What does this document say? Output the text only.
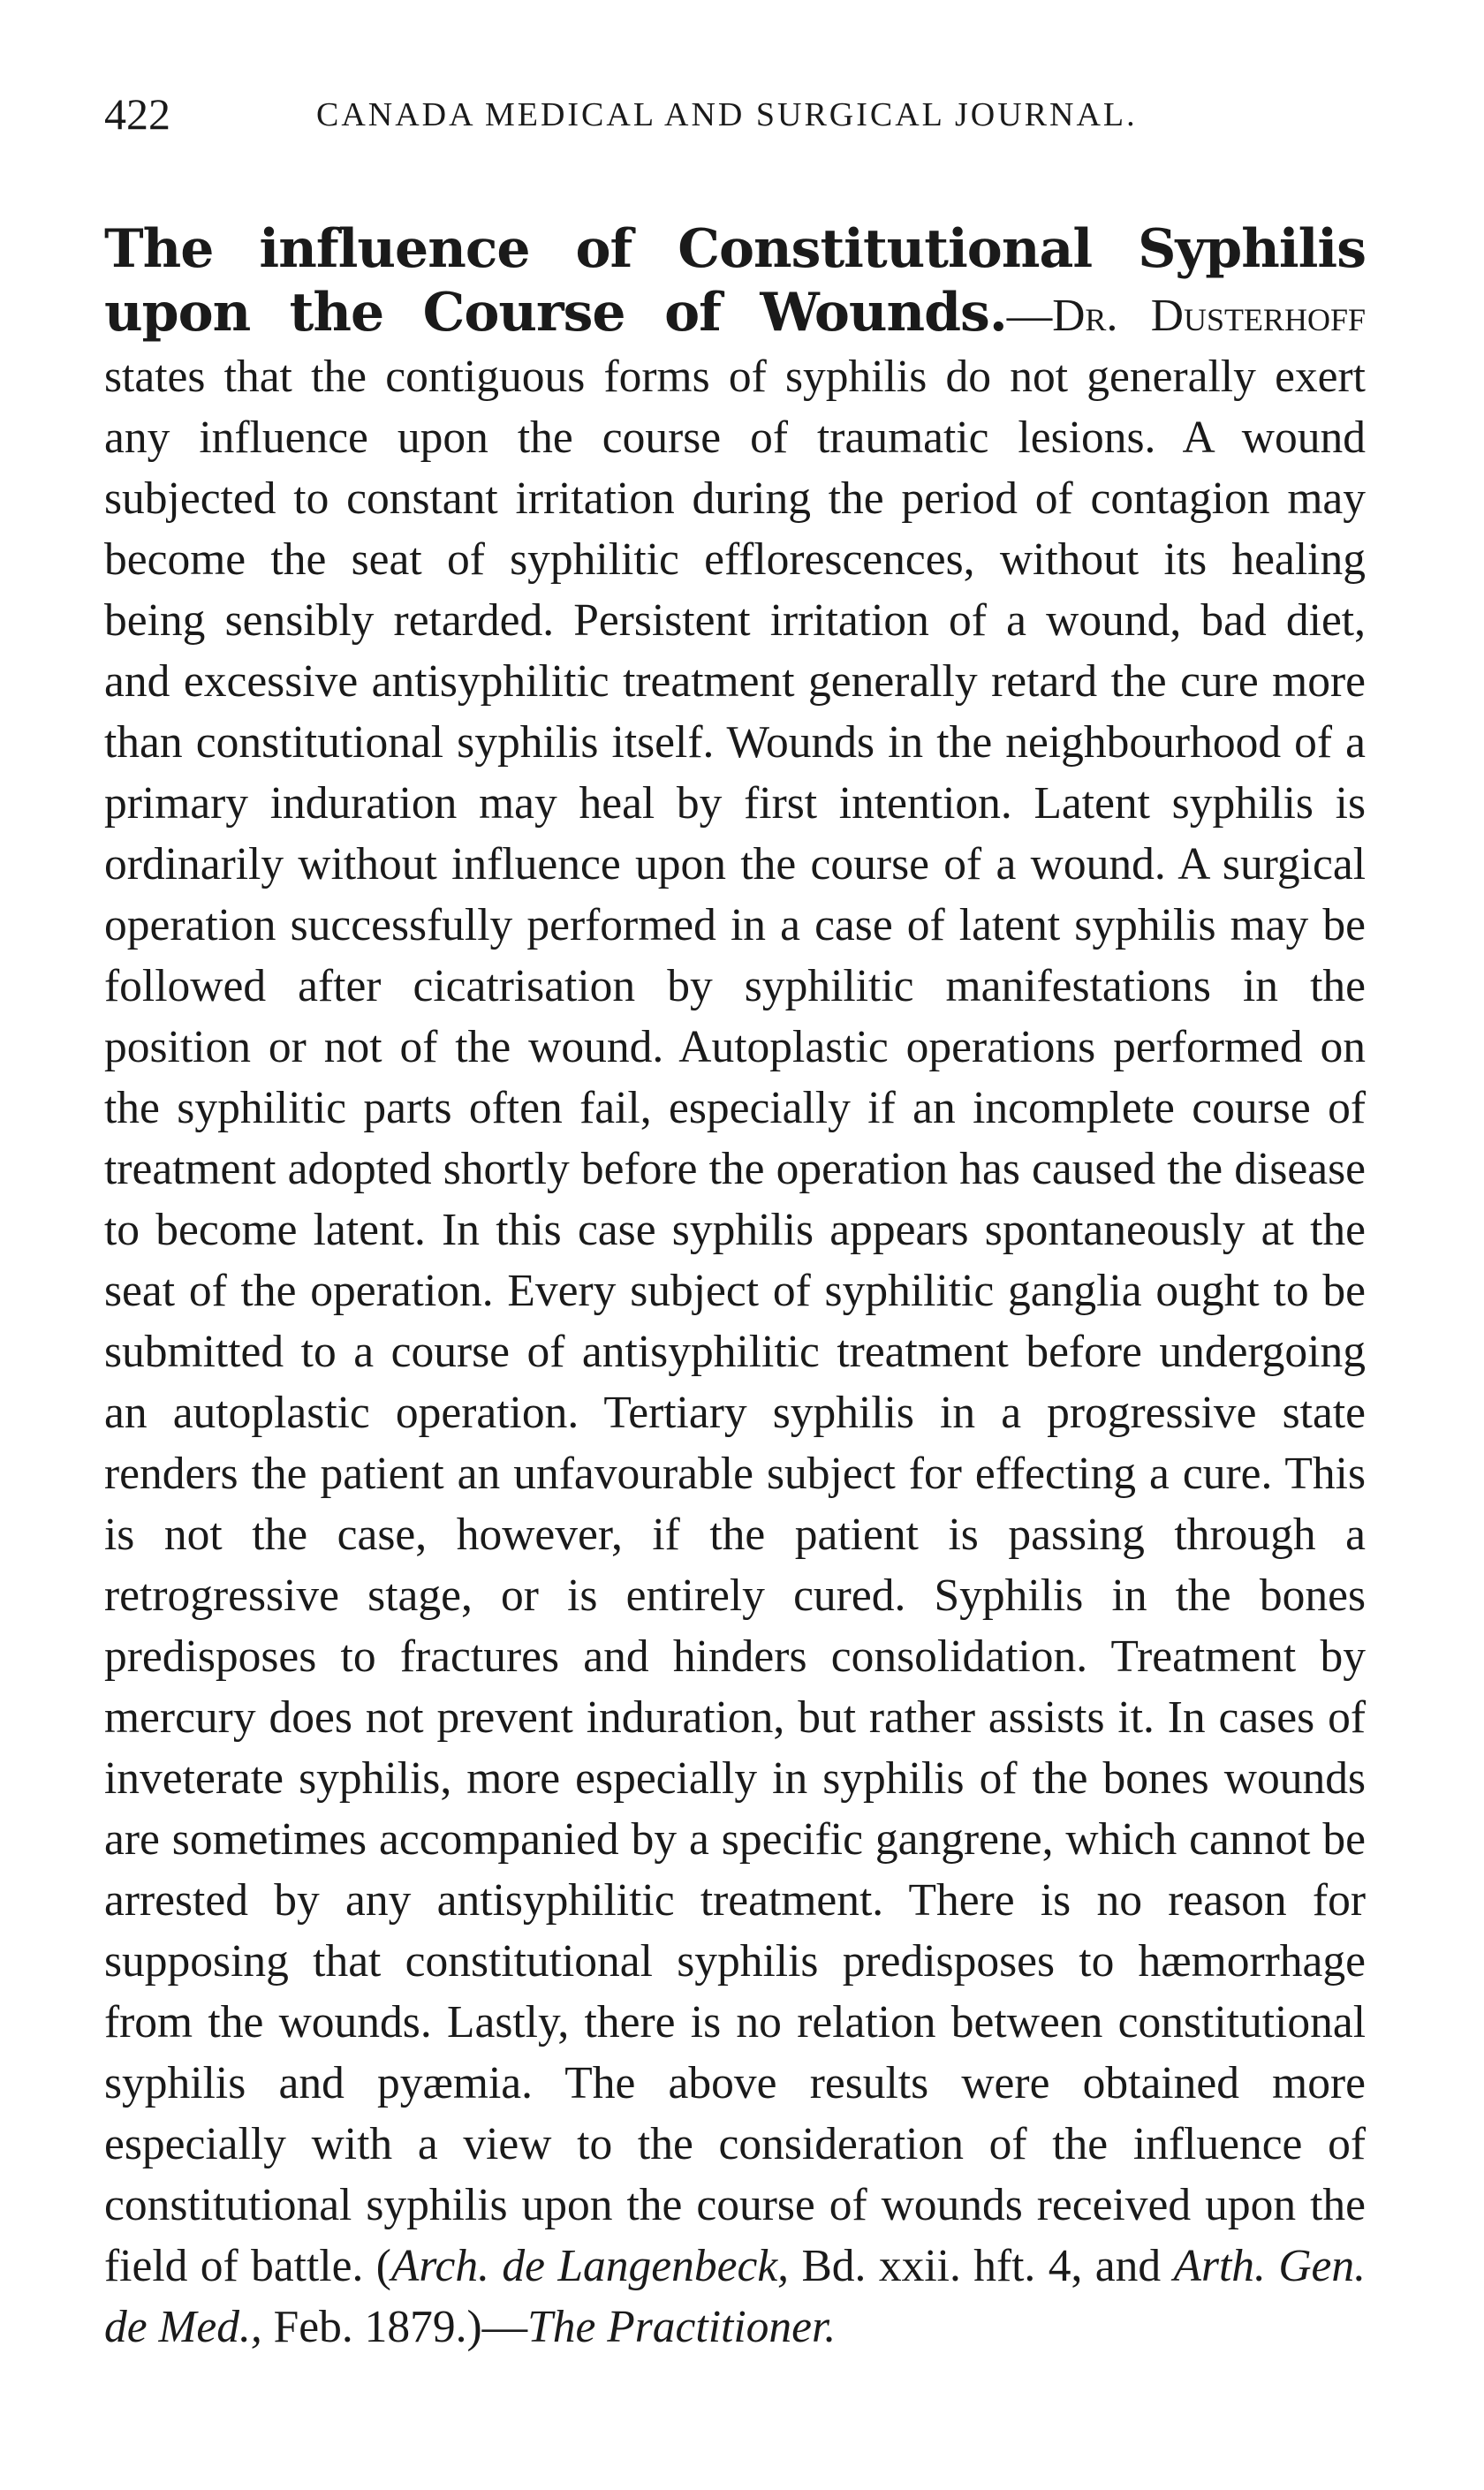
422	CANADA MEDICAL AND SURGICAL JOURNAL.

The influence of Constitutional Syphilis upon the Course of Wounds.—Dr. Dusterhoff states that the contiguous forms of syphilis do not generally exert any influence upon the course of traumatic lesions. A wound subjected to constant irritation during the period of contagion may become the seat of syphilitic efflorescences, without its healing being sensibly retarded. Persistent irritation of a wound, bad diet, and excessive antisyphilitic treatment generally retard the cure more than constitutional syphilis itself. Wounds in the neighbourhood of a primary induration may heal by first intention. Latent syphilis is ordinarily without influence upon the course of a wound. A surgical operation successfully performed in a case of latent syphilis may be followed after cicatrisation by syphilitic manifestations in the position or not of the wound. Autoplastic operations performed on the syphilitic parts often fail, especially if an incomplete course of treatment adopted shortly before the operation has caused the disease to become latent. In this case syphilis appears spontaneously at the seat of the operation. Every subject of syphilitic ganglia ought to be submitted to a course of antisyphilitic treatment before undergoing an autoplastic operation. Tertiary syphilis in a progressive state renders the patient an unfavourable subject for effecting a cure. This is not the case, however, if the patient is passing through a retrogressive stage, or is entirely cured. Syphilis in the bones predisposes to fractures and hinders consolidation. Treatment by mercury does not prevent induration, but rather assists it. In cases of inveterate syphilis, more especially in syphilis of the bones wounds are sometimes accompanied by a specific gangrene, which cannot be arrested by any antisyphilitic treatment. There is no reason for supposing that constitutional syphilis predisposes to hæmorrhage from the wounds. Lastly, there is no relation between constitutional syphilis and pyæmia. The above results were obtained more especially with a view to the consideration of the influence of constitutional syphilis upon the course of wounds received upon the field of battle. (Arch. de Langenbeck, Bd. xxii. hft. 4, and Arth. Gen. de Med., Feb. 1879.)—The Practitioner.
